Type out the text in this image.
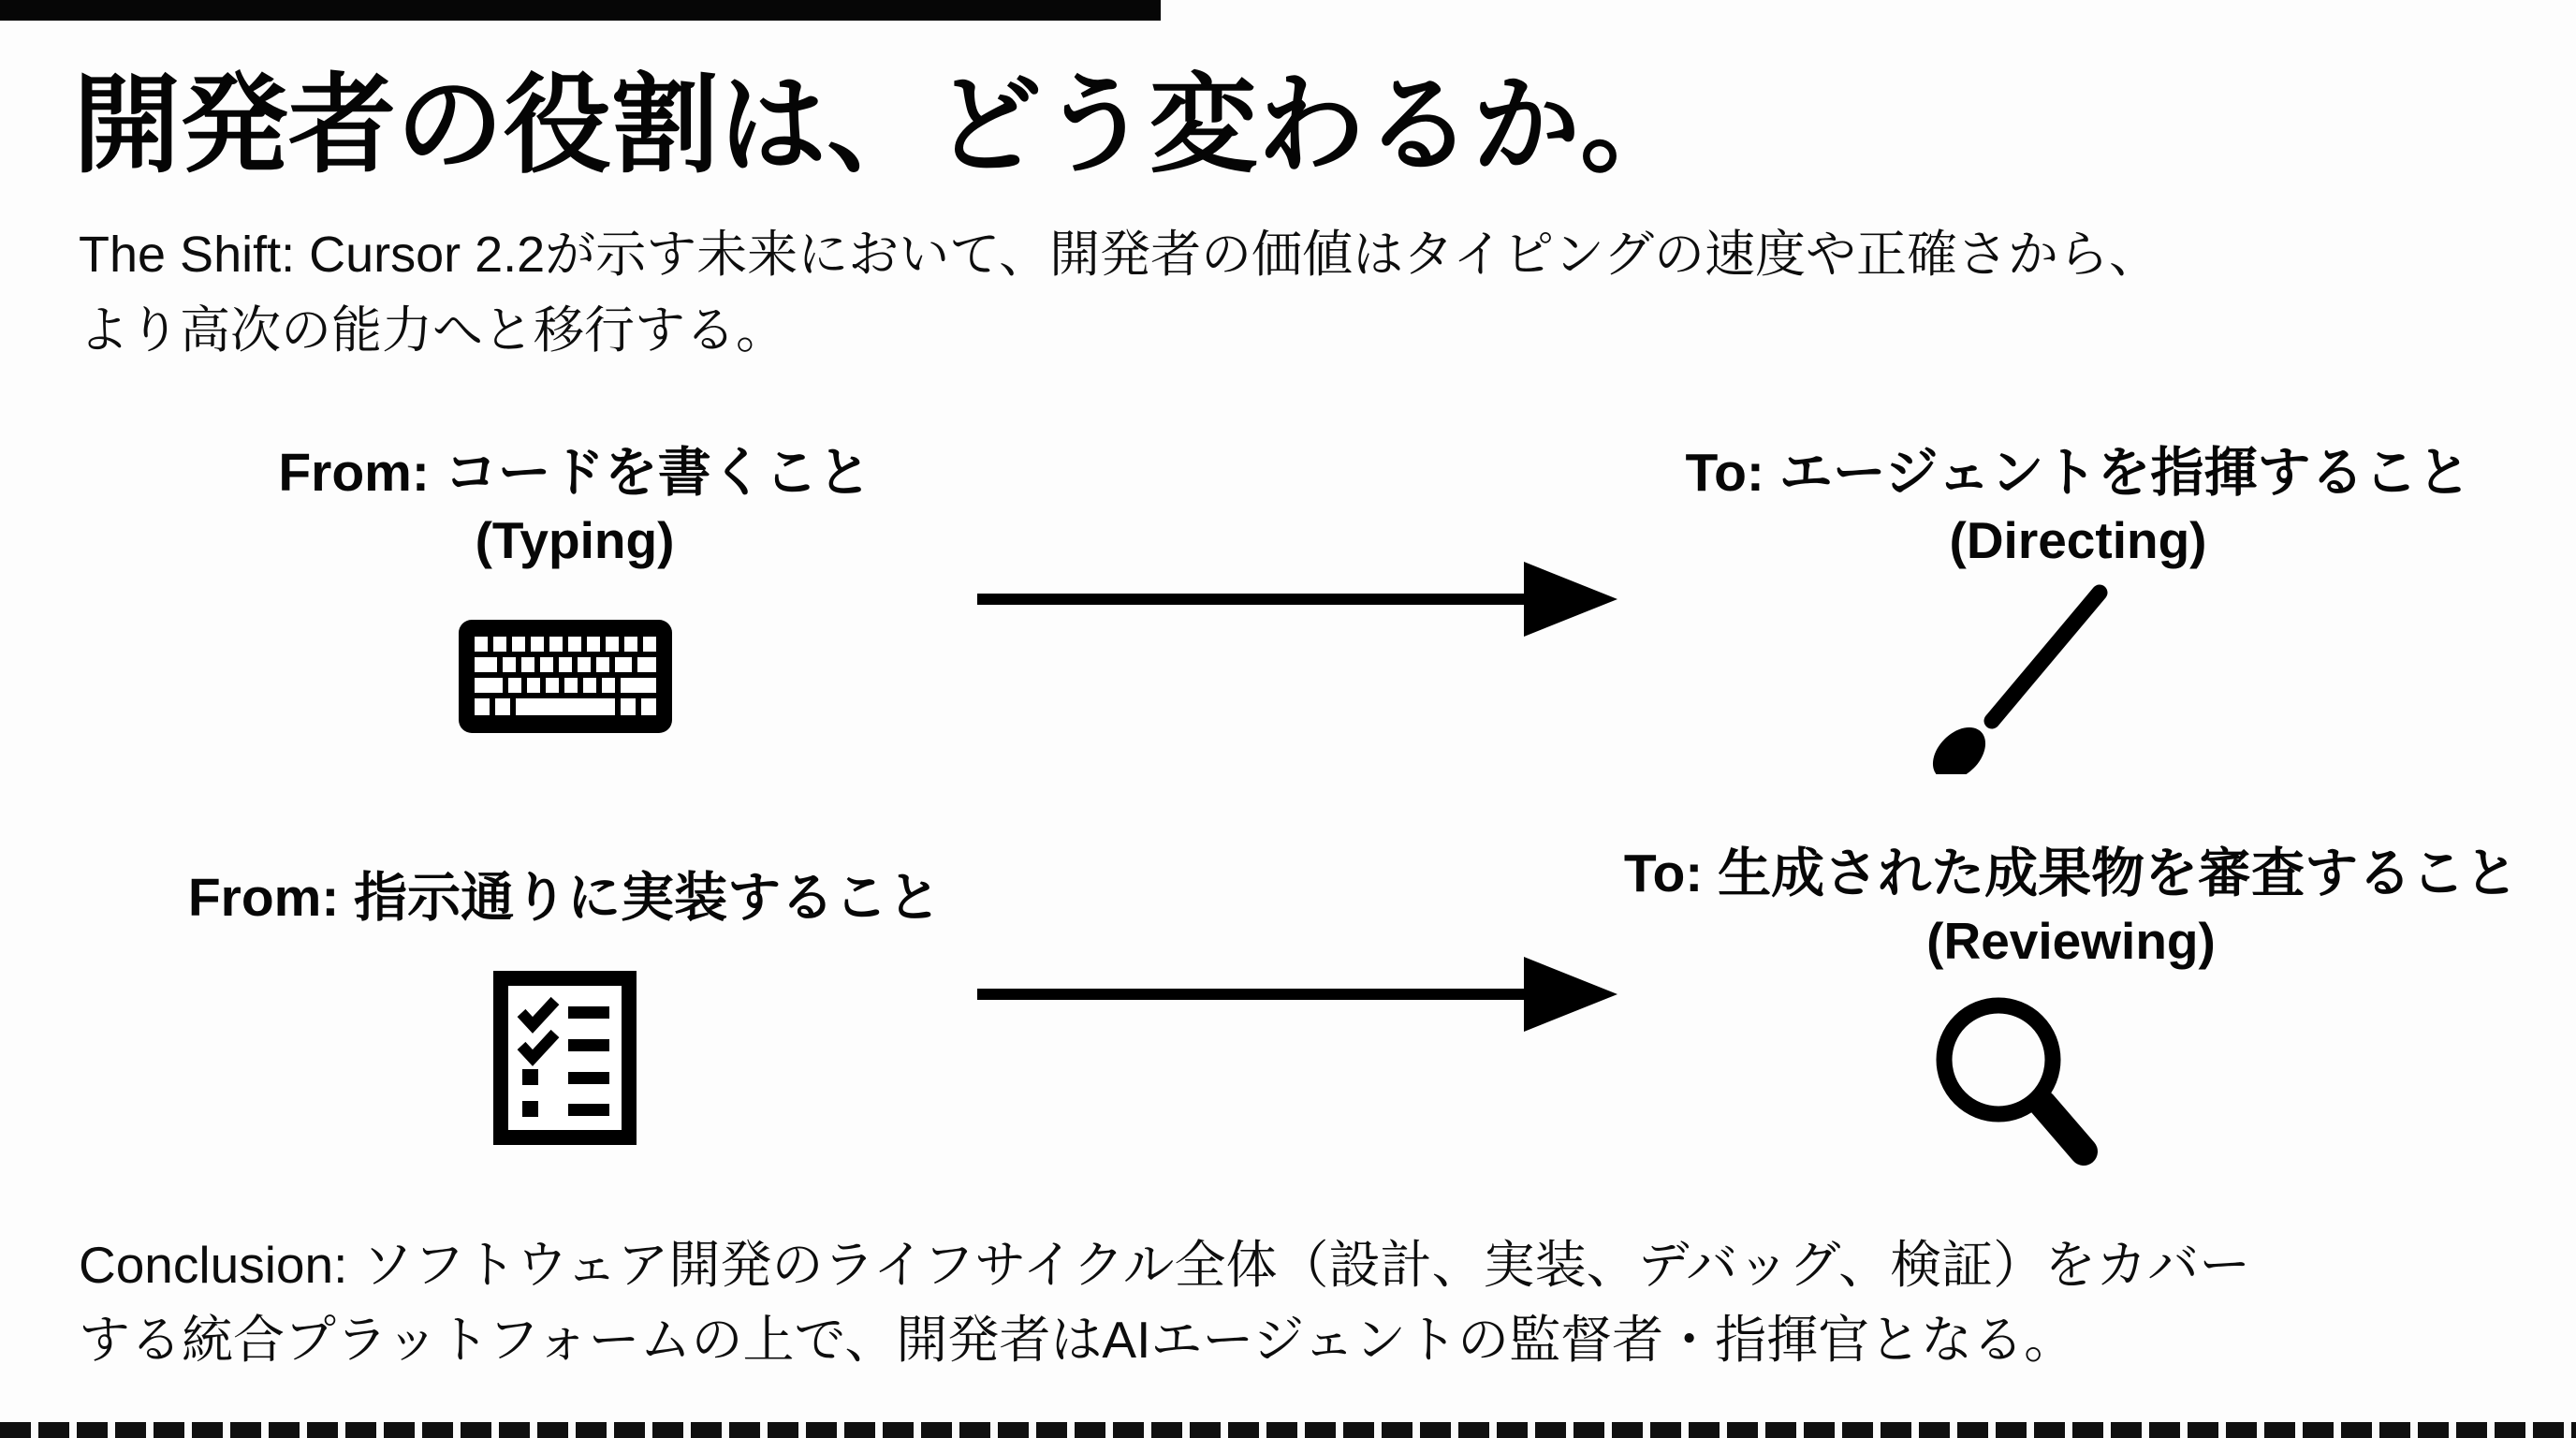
開発者の役割は、どう変わるか。
The Shift: Cursor 2.2が示す未来において、開発者の価値はタイピングの速度や正確さから、
より高次の能力へと移行する。
From: コードを書くこと
(Typing)
To: エージェントを指揮すること
(Directing)
From: 指示通りに実装すること	To: 生成された成果物を審査すること
(Reviewing)
Conclusion: ソフトウェア開発のライフサイクル全体（設計、実装、デバッグ、検証）をカバー
する統合プラットフォームの上で、開発者はAIエージェントの監督者・指揮官となる。
